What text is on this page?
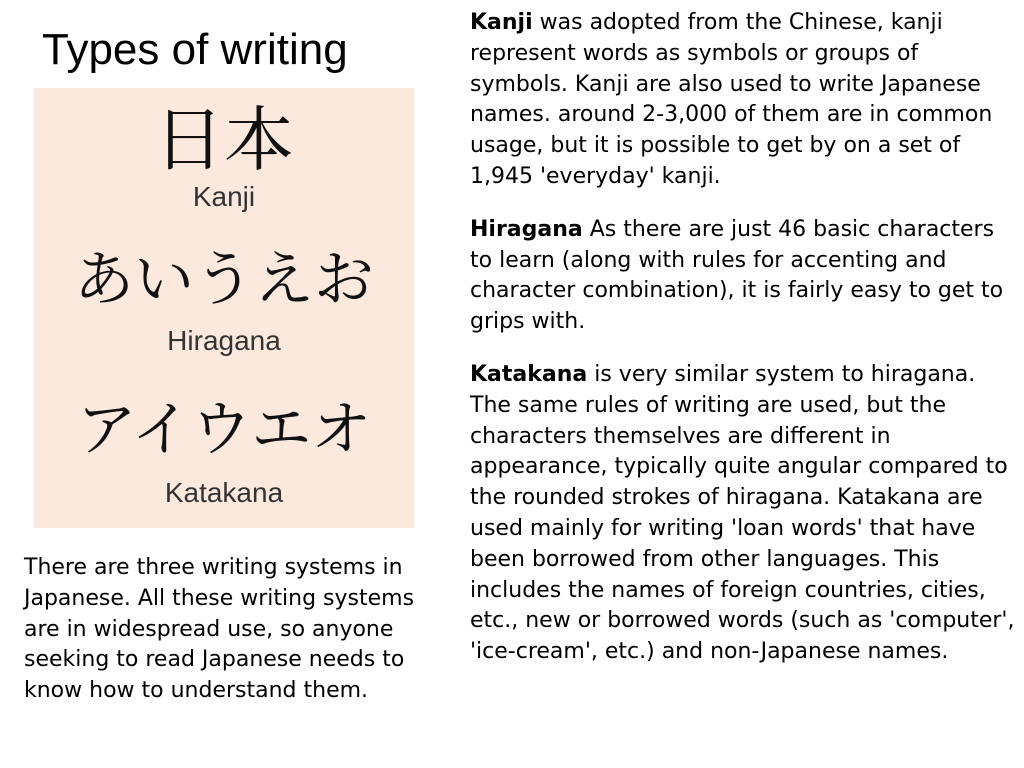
Types of writing
日本
Kanji
あいうえお
Hiragana
アイウエオ
Katakana

There are three writing systems in Japanese. All these writing systems are in widespread use, so anyone seeking to read Japanese needs to know how to understand them.

Kanji was adopted from the Chinese, kanji represent words as symbols or groups of symbols. Kanji are also used to write Japanese names. around 2-3,000 of them are in common usage, but it is possible to get by on a set of 1,945 'everyday' kanji.

Hiragana As there are just 46 basic characters to learn (along with rules for accenting and character combination), it is fairly easy to get to grips with.

Katakana is very similar system to hiragana. The same rules of writing are used, but the characters themselves are different in appearance, typically quite angular compared to the rounded strokes of hiragana. Katakana are used mainly for writing 'loan words' that have been borrowed from other languages. This includes the names of foreign countries, cities, etc., new or borrowed words (such as 'computer', 'ice-cream', etc.) and non-Japanese names.
